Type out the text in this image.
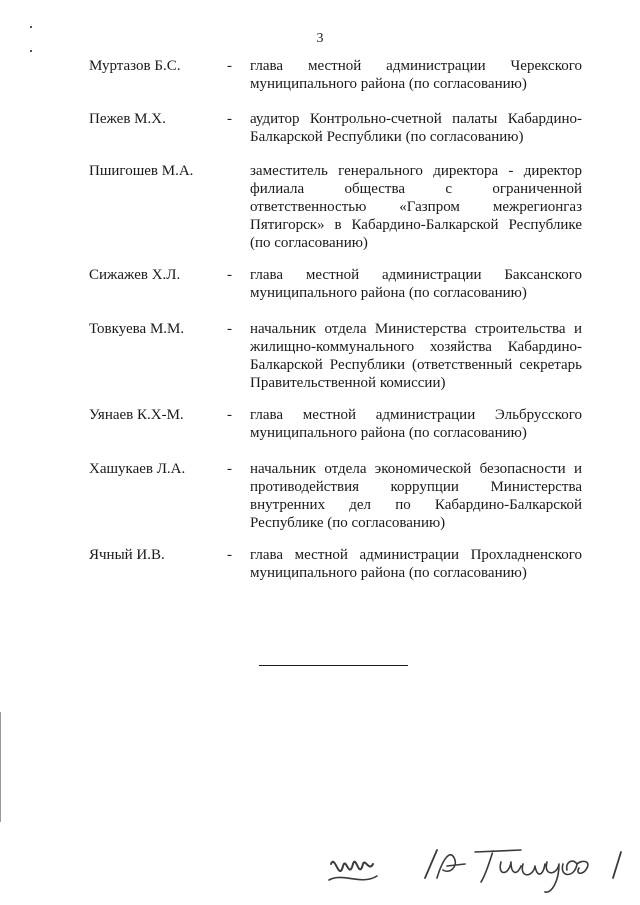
3
Муртазов Б.С.	- глава местной администрации Черекского
муниципального района (по согласованию)
Пежев М.Х.	- аудитор Контрольно-счетной палаты Кабардино-
Балкарской Республики (по согласованию)
Пшигошев М.А.	заместитель генерального директора - директор
филиала общества с ограниченной
ответственностью «Газпром межрегионгаз
Пятигорск» в Кабардино-Балкарской Республике
(по согласованию)
Сижажев Х.Л.	- глава местной администрации Баксанского
муниципального района (по согласованию)
Товкуева М.М.	- начальник отдела Министерства строительства и
жилищно-коммунального хозяйства Кабардино-
Балкарской Республики (ответственный секретарь
Правительственной комиссии)
Уянаев К.Х-М.	- глава местной администрации Эльбрусского
муниципального района (по согласованию)
Хашукаев Л.А.	- начальник отдела экономической безопасности и
противодействия коррупции Министерства
внутренних дел по Кабардино-Балкарской
Республике (по согласованию)
Ячный И.В.	- глава местной администрации Прохладненского
муниципального района (по согласованию)
